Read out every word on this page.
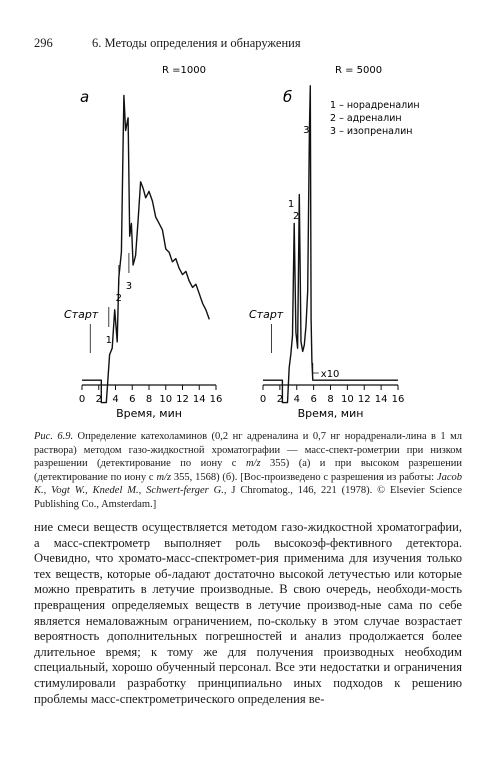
296	6. Методы определения и обнаружения
0 2 4 6 8 10 12 14 16
Время, мин
а
R =1000
Старт
1
2
3
0 2 4 6 8 10 12 14 16
Время, мин
б
R = 5000
Старт
1
2
3
1 – норадреналин
2 – адреналин
3 – изопреналин
x10
Рис. 6.9. Определение катехоламинов (0,2 нг адреналина и 0,7 нг норадренали-лина в 1 мл раствора) методом газо-жидкостной хроматографии — масс-спект-рометрии при низком разрешении (детектирование по иону с m/z 355) (а) и при высоком разрешении (детектирование по иону с m/z 355, 1568) (б). [Вос-произведено с разрешения из работы: Jacob K., Vogt W., Knedel M., Schwert-ferger G., J Chromatog., 146, 221 (1978). © Elsevier Science Publishing Co., Amsterdam.]

ние смеси веществ осуществляется методом газо-жидкостной хроматографии, а масс-спектрометр выполняет роль высокоэф-фективного детектора. Очевидно, что хромато-масс-спектромет-рия применима для изучения только тех веществ, которые об-ладают достаточно высокой летучестью или которые можно превратить в летучие производные. В свою очередь, необходи-мость превращения определяемых веществ в летучие производ-ные сама по себе является немаловажным ограничением, по-скольку в этом случае возрастает вероятность дополнительных погрешностей и анализ продолжается более длительное время; к тому же для получения производных необходим специальный, хорошо обученный персонал. Все эти недостатки и ограничения стимулировали разработку принципиально иных подходов к решению проблемы масс-спектрометрического определения ве-
